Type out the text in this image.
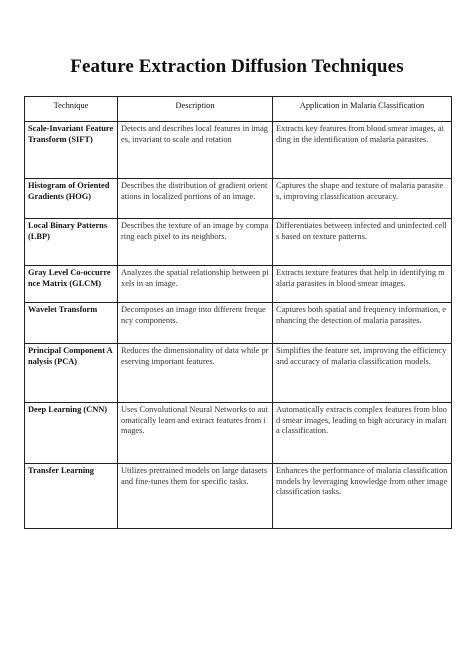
Feature Extraction Diffusion Techniques
Technique	Description	Application in Malaria Classification
Scale-Invariant Feature Transform (SIFT)	Detects and describes local features in images, invariant to scale and rotation	Extracts key features from blood smear images, aiding in the identification of malaria parasites.
Histogram of Oriented Gradients (HOG)	Describes the distribution of gradient orientations in localized portions of an image.	Captures the shape and texture of malaria parasites, improving classification accuracy.
Local Binary Patterns (LBP)	Describes the texture of an image by comparing each pixel to its neighbors.	Differentiates between infected and uninfected cells based on texture patterns.
Gray Level Co-occurrence Matrix (GLCM)	Analyzes the spatial relationship between pixels in an image.	Extracts texture features that help in identifying malaria parasites in blood smear images.
Wavelet Transform	Decomposes an image into different frequency components.	Captures both spatial and frequency information, enhancing the detection of malaria parasites.
Principal Component Analysis (PCA)	Reduces the dimensionality of data while preserving important features.	Simplifies the feature set, improving the efficiency and accuracy of malaria classification models.
Deep Learning (CNN)	Uses Convolutional Neural Networks to automatically learn and extract features from images.	Automatically extracts complex features from blood smear images, leading to high accuracy in malaria classification.
Transfer Learning	Utilizes pretrained models on large datasets and fine-tunes them for specific tasks.	Enhances the performance of malaria classification models by leveraging knowledge from other image classification tasks.
